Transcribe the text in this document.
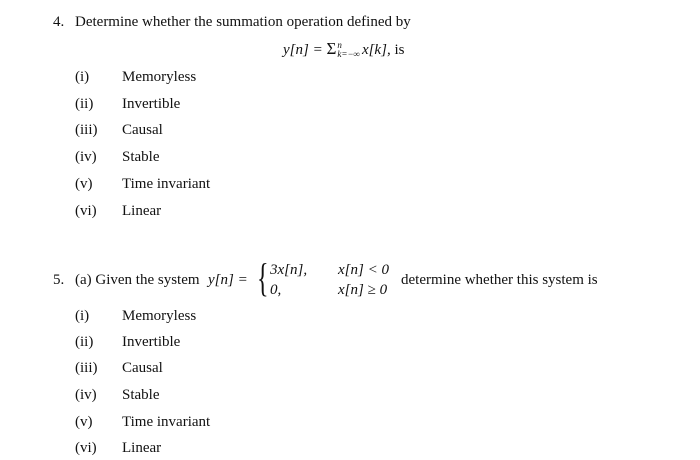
4. Determine whether the summation operation defined by
y[n] = Σ n
k=−∞ x[k], is
(i) Memoryless
(ii) Invertible
(iii) Causal
(iv) Stable
(v) Time invariant
(vi) Linear
5. (a) Given the system y[n] = { 3x[n],
0,
x[n] < 0
x[n] ≥ 0
determine whether this system is
(i) Memoryless
(ii) Invertible
(iii) Causal
(iv) Stable
(v) Time invariant
(vi) Linear
